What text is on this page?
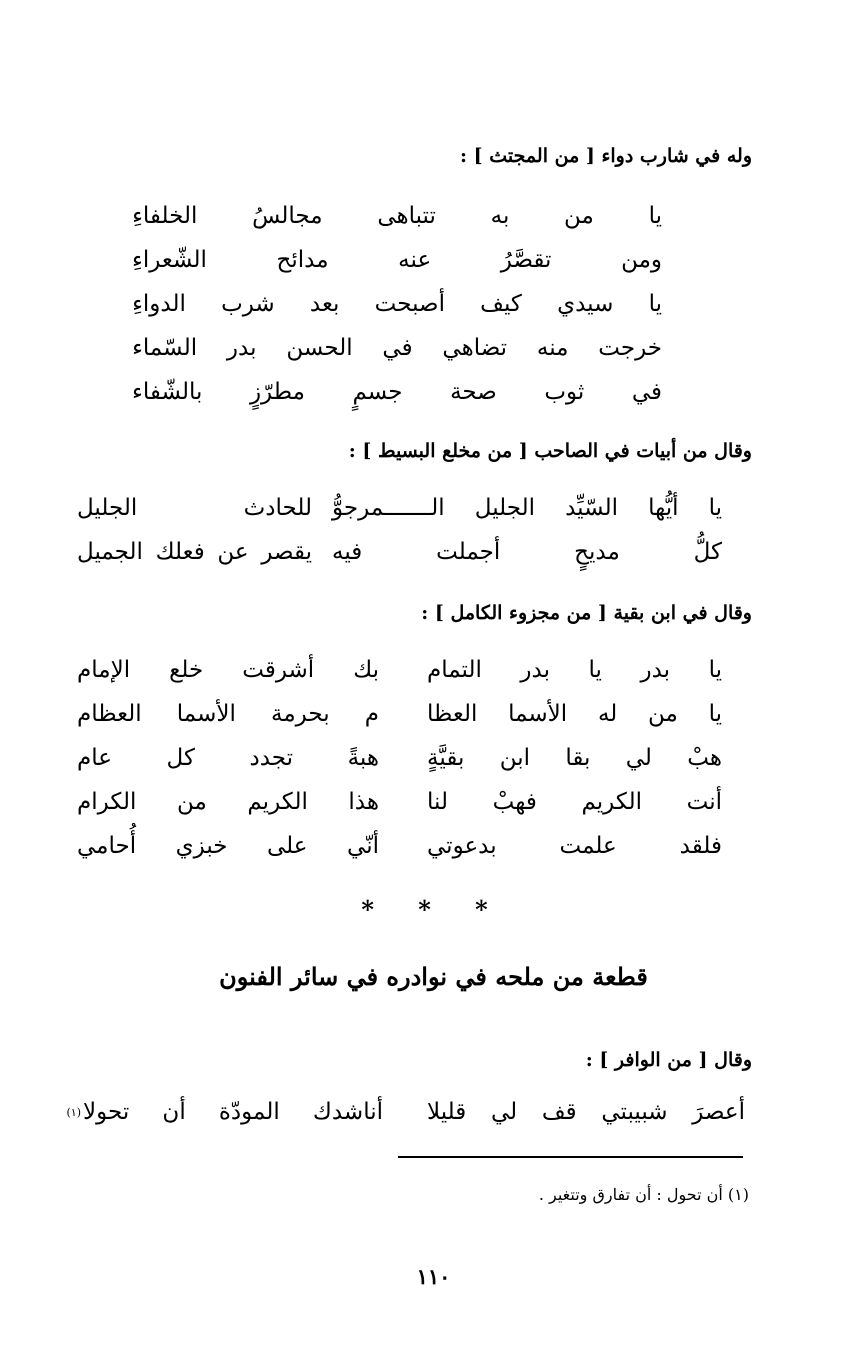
وله في شارب دواء [ من المجتث ] :
يا
من
به
تتباهى
مجالسُ
الخلفاءِ
ومن
تقصَّرُ
عنه
مدائح
الشّعراءِ
يا
سيدي
كيف
أصبحت
بعد
شرب
الدواءِ
خرجت
منه
تضاهي
في
الحسن
بدر
السّماء
في
ثوب
صحة
جسمٍ
مطرّزٍ
بالشّفاء
وقال من أبيات في الصاحب [ من مخلع البسيط ] :
يا
أيُّها
السّيِّد
الجليل
الـــــــمرجوُّ
للحادث
الجليل
كلُّ
مديحٍ
أجملت
فيه
يقصر
عن
فعلك
الجميل
وقال في ابن بقية [ من مجزوء الكامل ] :
يا
بدر
يا
بدر
التمام
بك
أشرقت
خلع
الإمام
يا
من
له
الأسما
العظا
م
بحرمة
الأسما
العظام
هبْ
لي
بقا
ابن
بقيَّةٍ
هبةً
تجدد
كل
عام
أنت
الكريم
فهبْ
لنا
هذا
الكريم
من
الكرام
فلقد
علمت
بدعوتي
أنّي
على
خبزي
أُحامي
* * *
قطعة من ملحه في نوادره في سائر الفنون
وقال [ من الوافر ] :
أعصرَ
شبيبتي
قف
لي
قليلا
أناشدك
المودّة
أن
تحولا
(١)
(١) أن تحول : أن تفارق وتتغير .
١١٠
